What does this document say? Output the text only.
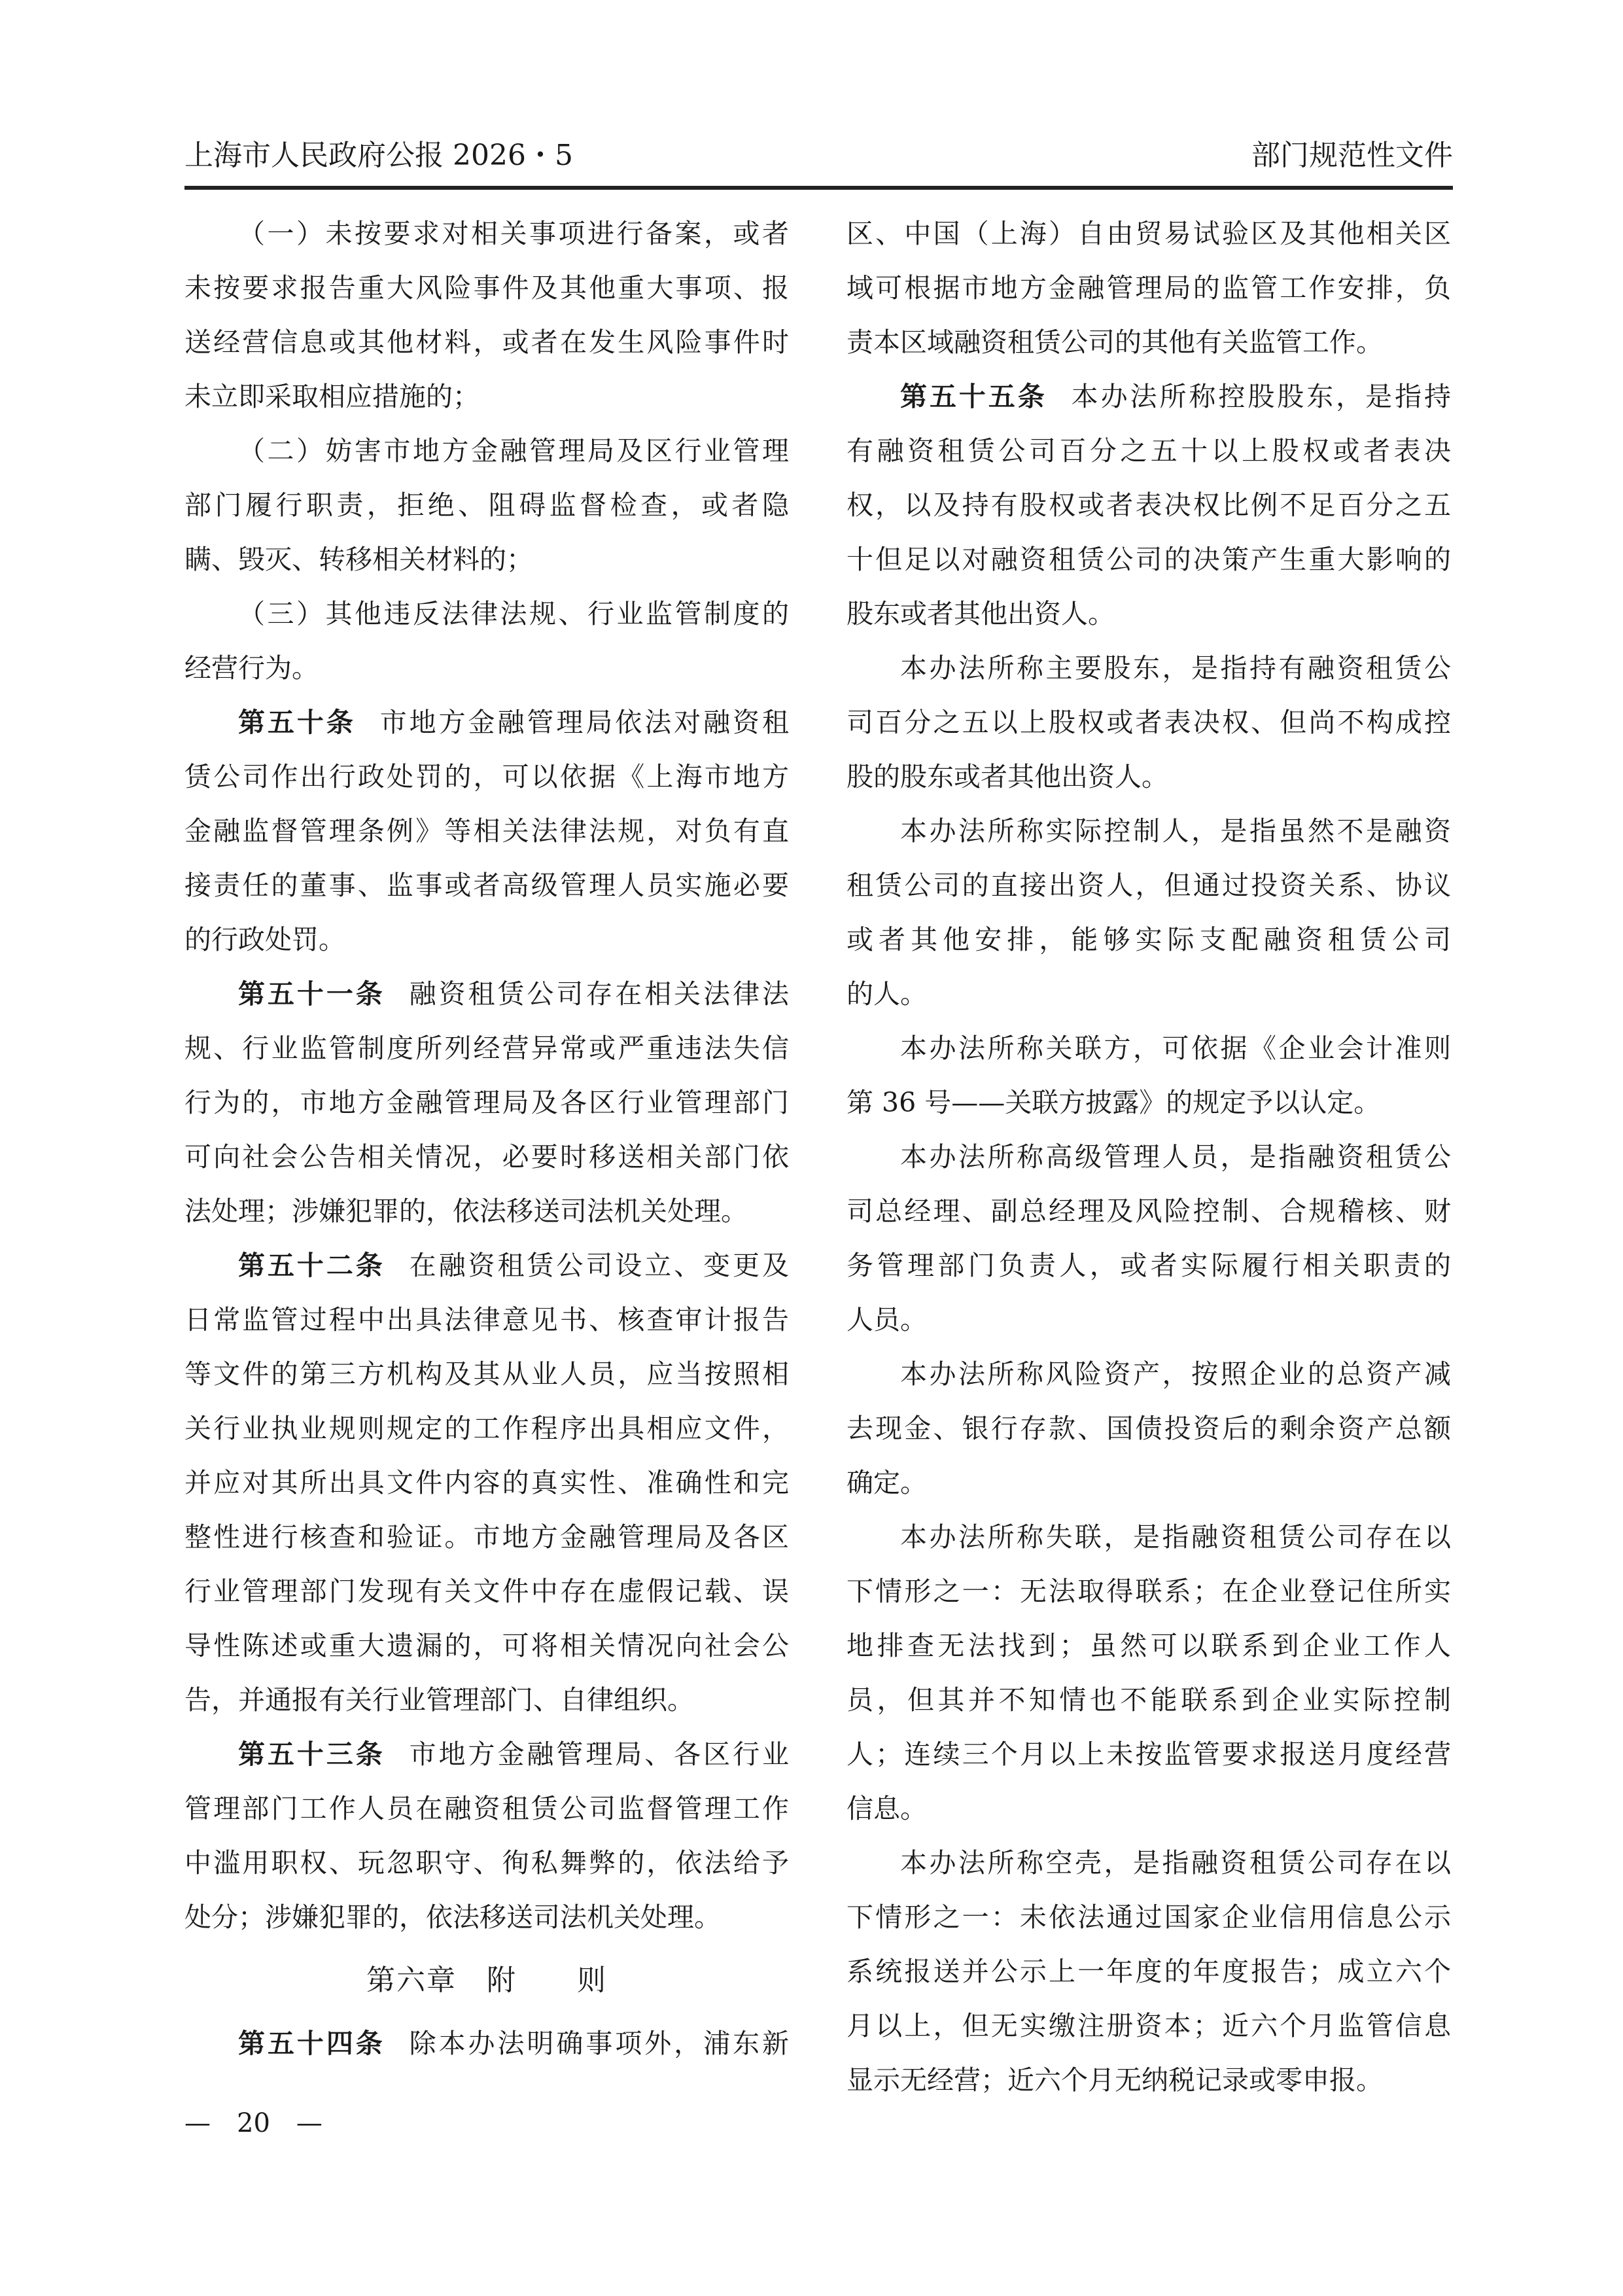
上海市人民政府公报 2026・5	部门规范性文件
（一）未按要求对相关事项进行备案，或者
未按要求报告重大风险事件及其他重大事项、报
送经营信息或其他材料，或者在发生风险事件时
未立即采取相应措施的；
（二）妨害市地方金融管理局及区行业管理
部门履行职责，拒绝、阻碍监督检查，或者隐
瞒、毁灭、转移相关材料的；
（三）其他违反法律法规、行业监管制度的
经营行为。
第五十条 市地方金融管理局依法对融资租
赁公司作出行政处罚的，可以依据《上海市地方
金融监督管理条例》等相关法律法规，对负有直
接责任的董事、监事或者高级管理人员实施必要
的行政处罚。
第五十一条 融资租赁公司存在相关法律法
规、行业监管制度所列经营异常或严重违法失信
行为的，市地方金融管理局及各区行业管理部门
可向社会公告相关情况，必要时移送相关部门依
法处理；涉嫌犯罪的，依法移送司法机关处理。
第五十二条 在融资租赁公司设立、变更及
日常监管过程中出具法律意见书、核查审计报告
等文件的第三方机构及其从业人员，应当按照相
关行业执业规则规定的工作程序出具相应文件，
并应对其所出具文件内容的真实性、准确性和完
整性进行核查和验证。市地方金融管理局及各区
行业管理部门发现有关文件中存在虚假记载、误
导性陈述或重大遗漏的，可将相关情况向社会公
告，并通报有关行业管理部门、自律组织。
第五十三条 市地方金融管理局、各区行业
管理部门工作人员在融资租赁公司监督管理工作
中滥用职权、玩忽职守、徇私舞弊的，依法给予
处分；涉嫌犯罪的，依法移送司法机关处理。
第六章　附　　则
第五十四条 除本办法明确事项外，浦东新
区、中国（上海）自由贸易试验区及其他相关区
域可根据市地方金融管理局的监管工作安排，负
责本区域融资租赁公司的其他有关监管工作。
第五十五条 本办法所称控股股东，是指持
有融资租赁公司百分之五十以上股权或者表决
权，以及持有股权或者表决权比例不足百分之五
十但足以对融资租赁公司的决策产生重大影响的
股东或者其他出资人。
本办法所称主要股东，是指持有融资租赁公
司百分之五以上股权或者表决权、但尚不构成控
股的股东或者其他出资人。
本办法所称实际控制人，是指虽然不是融资
租赁公司的直接出资人，但通过投资关系、协议
或者其他安排，能够实际支配融资租赁公司
的人。
本办法所称关联方，可依据《企业会计准则
第 36 号——关联方披露》的规定予以认定。
本办法所称高级管理人员，是指融资租赁公
司总经理、副总经理及风险控制、合规稽核、财
务管理部门负责人，或者实际履行相关职责的
人员。
本办法所称风险资产，按照企业的总资产减
去现金、银行存款、国债投资后的剩余资产总额
确定。
本办法所称失联，是指融资租赁公司存在以
下情形之一：无法取得联系；在企业登记住所实
地排查无法找到；虽然可以联系到企业工作人
员，但其并不知情也不能联系到企业实际控制
人；连续三个月以上未按监管要求报送月度经营
信息。
本办法所称空壳，是指融资租赁公司存在以
下情形之一：未依法通过国家企业信用信息公示
系统报送并公示上一年度的年度报告；成立六个
月以上，但无实缴注册资本；近六个月监管信息
显示无经营；近六个月无纳税记录或零申报。
—　20　—
